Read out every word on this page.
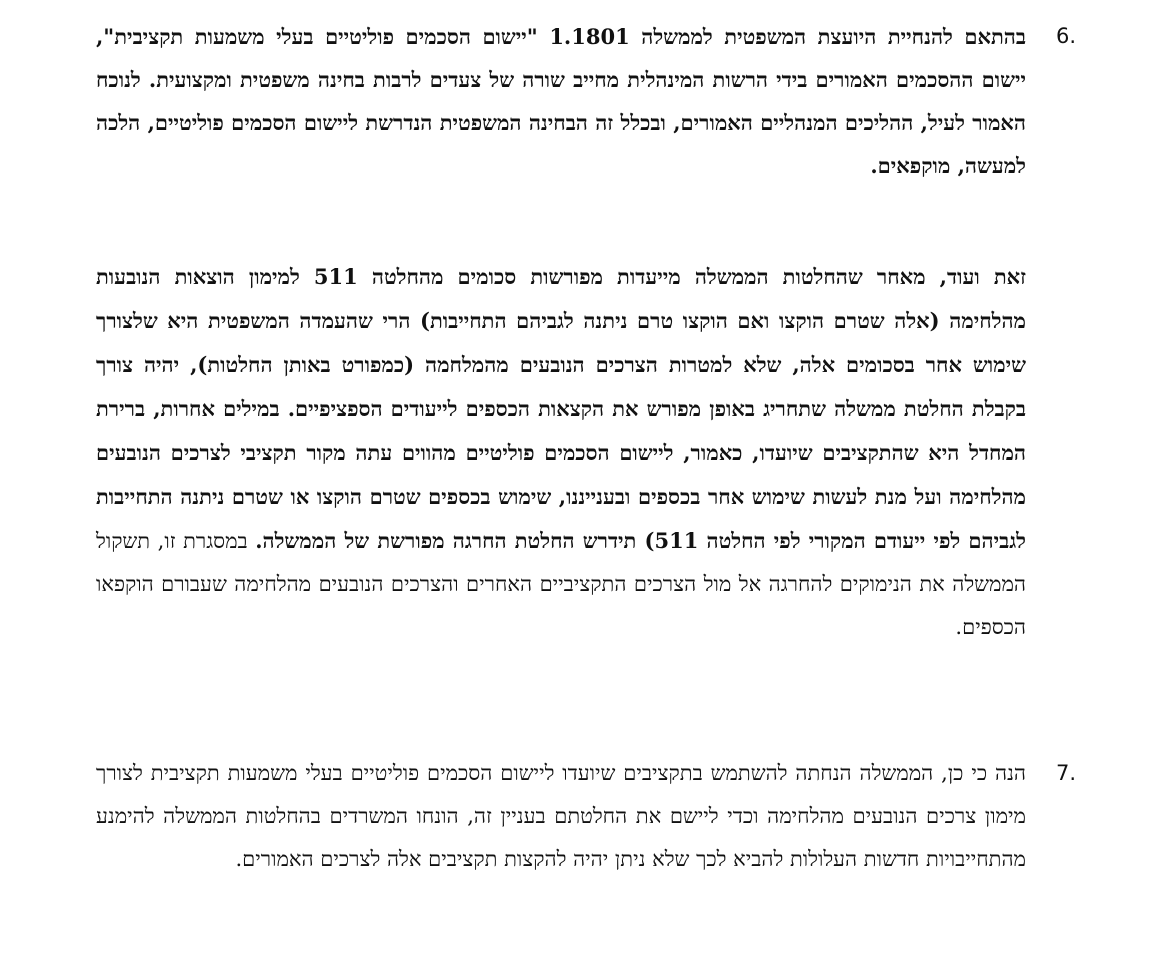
6.
בהתאם להנחיית היועצת המשפטית לממשלה 1.1801 "יישום הסכמים פוליטיים בעלי משמעות תקציבית", יישום ההסכמים האמורים בידי הרשות המינהלית מחייב שורה של צעדים לרבות בחינה משפטית ומקצועית. לנוכח האמור לעיל, ההליכים המנהליים האמורים, ובכלל זה הבחינה המשפטית הנדרשת ליישום הסכמים פוליטיים, הלכה למעשה, מוקפאים.
זאת ועוד, מאחר שהחלטות הממשלה מייעדות מפורשות סכומים מהחלטה 511 למימון הוצאות הנובעות מהלחימה (אלה שטרם הוקצו ואם הוקצו טרם ניתנה לגביהם התחייבות) הרי שהעמדה המשפטית היא שלצורך שימוש אחר בסכומים אלה, שלא למטרות הצרכים הנובעים מהמלחמה (כמפורט באותן החלטות), יהיה צורך בקבלת החלטת ממשלה שתחריג באופן מפורש את הקצאות הכספים לייעודים הספציפיים. במילים אחרות, ברירת המחדל היא שהתקציבים שיועדו, כאמור, ליישום הסכמים פוליטיים מהווים עתה מקור תקציבי לצרכים הנובעים מהלחימה ועל מנת לעשות שימוש אחר בכספים ובענייננו, שימוש בכספים שטרם הוקצו או שטרם ניתנה התחייבות לגביהם לפי ייעודם המקורי לפי החלטה 511) תידרש החלטת החרגה מפורשת של הממשלה. במסגרת זו, תשקול הממשלה את הנימוקים להחרגה אל מול הצרכים התקציביים האחרים והצרכים הנובעים מהלחימה שעבורם הוקפאו הכספים.
7.
הנה כי כן, הממשלה הנחתה להשתמש בתקציבים שיועדו ליישום הסכמים פוליטיים בעלי משמעות תקציבית לצורך מימון צרכים הנובעים מהלחימה וכדי ליישם את החלטתם בעניין זה, הונחו המשרדים בהחלטות הממשלה להימנע מהתחייבויות חדשות העלולות להביא לכך שלא ניתן יהיה להקצות תקציבים אלה לצרכים האמורים.
